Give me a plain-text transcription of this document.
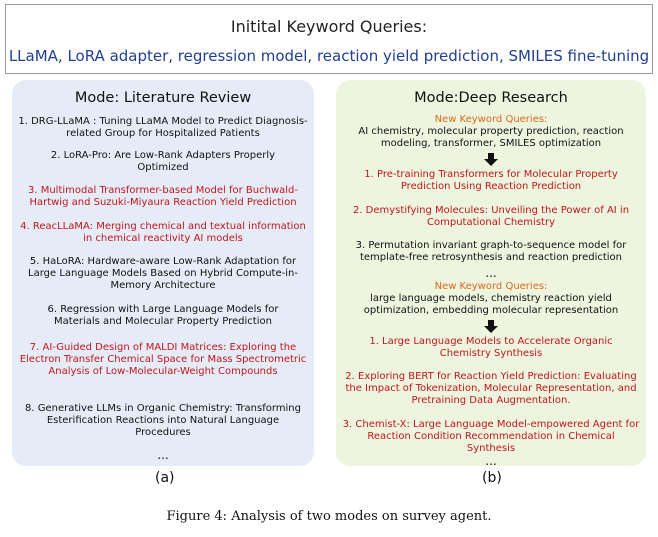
Initital Keyword Queries:
LLaMA, LoRA adapter, regression model, reaction yield prediction, SMILES fine-tuning
Mode: Literature Review
1. DRG-LLaMA : Tuning LLaMA Model to Predict Diagnosis-related Group for Hospitalized Patients
2. LoRA-Pro: Are Low-Rank Adapters Properly Optimized
3. Multimodal Transformer-based Model for Buchwald-Hartwig and Suzuki-Miyaura Reaction Yield Prediction
4. ReacLLaMA: Merging chemical and textual information in chemical reactivity AI models
5. HaLoRA: Hardware-aware Low-Rank Adaptation for Large Language Models Based on Hybrid Compute-in-Memory Architecture
6. Regression with Large Language Models for Materials and Molecular Property Prediction
7. AI-Guided Design of MALDI Matrices: Exploring the Electron Transfer Chemical Space for Mass Spectrometric Analysis of Low-Molecular-Weight Compounds
8. Generative LLMs in Organic Chemistry: Transforming Esterification Reactions into Natural Language Procedures
...
(a)
Mode:Deep Research
New Keyword Queries:
AI chemistry, molecular property prediction, reaction modeling, transformer, SMILES optimization
1. Pre-training Transformers for Molecular Property Prediction Using Reaction Prediction
2. Demystifying Molecules: Unveiling the Power of AI in Computational Chemistry
3. Permutation invariant graph-to-sequence model for template-free retrosynthesis and reaction prediction
...
New Keyword Queries:
large language models, chemistry reaction yield optimization, embedding molecular representation
1. Large Language Models to Accelerate Organic Chemistry Synthesis
2. Exploring BERT for Reaction Yield Prediction: Evaluating the Impact of Tokenization, Molecular Representation, and Pretraining Data Augmentation.
3. Chemist-X: Large Language Model-empowered Agent for Reaction Condition Recommendation in Chemical Synthesis
...
(b)
Figure 4: Analysis of two modes on survey agent.
